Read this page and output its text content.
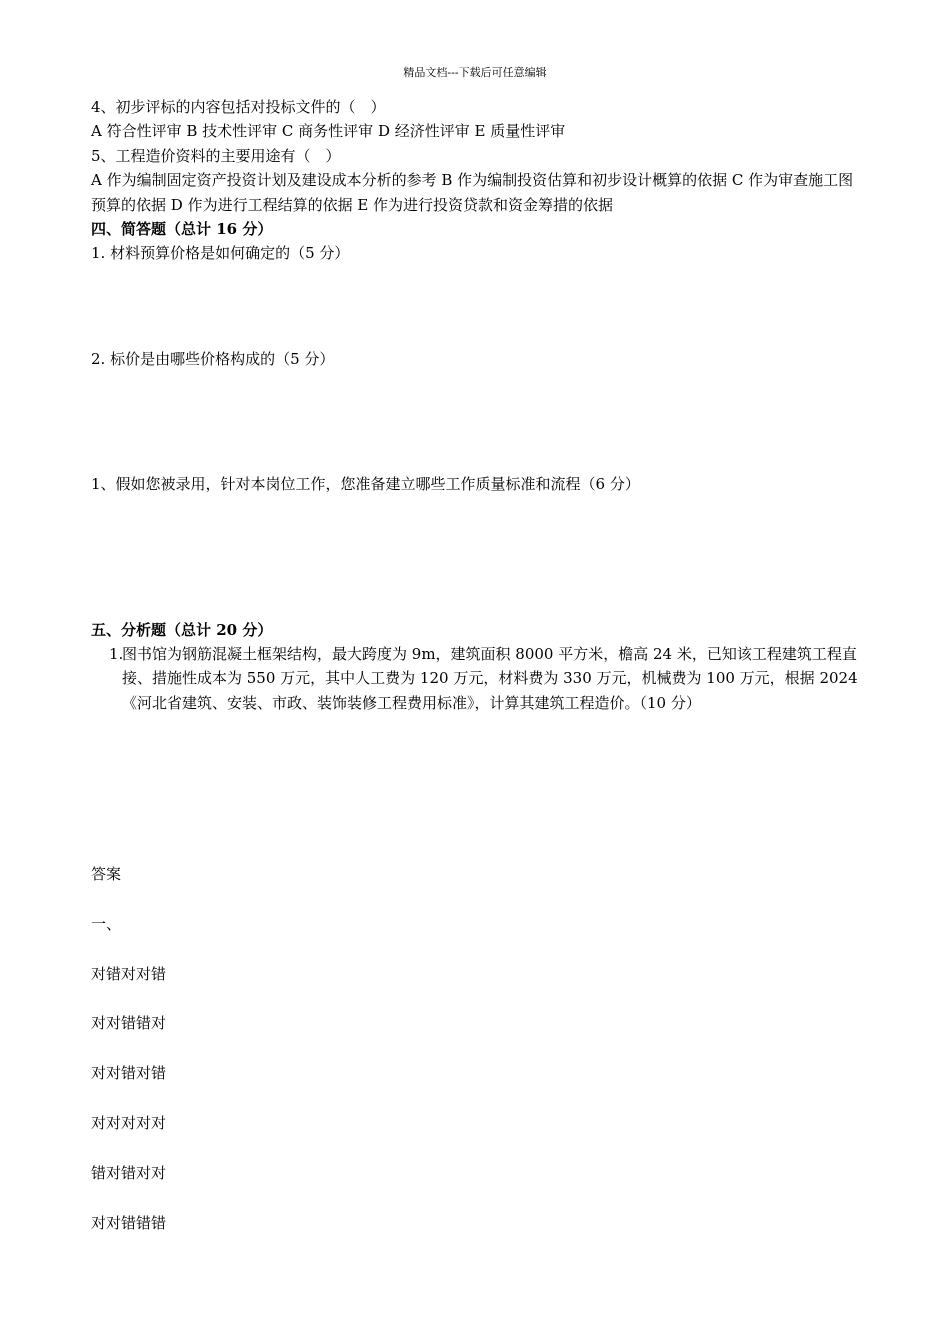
精品文档---下载后可任意编辑

4、初步评标的内容包括对投标文件的（　）

A 符合性评审 B 技术性评审 C 商务性评审 D 经济性评审 E 质量性评审

5、工程造价资料的主要用途有（　）

A 作为编制固定资产投资计划及建设成本分析的参考 B 作为编制投资估算和初步设计概算的依据 C 作为审查施工图预算的依据 D 作为进行工程结算的依据 E 作为进行投资贷款和资金筹措的依据

四、简答题（总计 16 分）

1. 材料预算价格是如何确定的（5 分）

2. 标价是由哪些价格构成的（5 分）

1、假如您被录用，针对本岗位工作，您准备建立哪些工作质量标准和流程（6 分）

五、分析题（总计 20 分）

1.
图书馆为钢筋混凝土框架结构，最大跨度为 9m，建筑面积 8000 平方米，檐高 24 米，已知该工程建筑工程直接、措施性成本为 550 万元，其中人工费为 120 万元，材料费为 330 万元，机械费为 100 万元，根据 2024《河北省建筑、安装、市政、装饰装修工程费用标准》，计算其建筑工程造价。（10 分）

答案

一、

对错对对错

对对错错对

对对错对错

对对对对对

错对错对对

对对错错错
